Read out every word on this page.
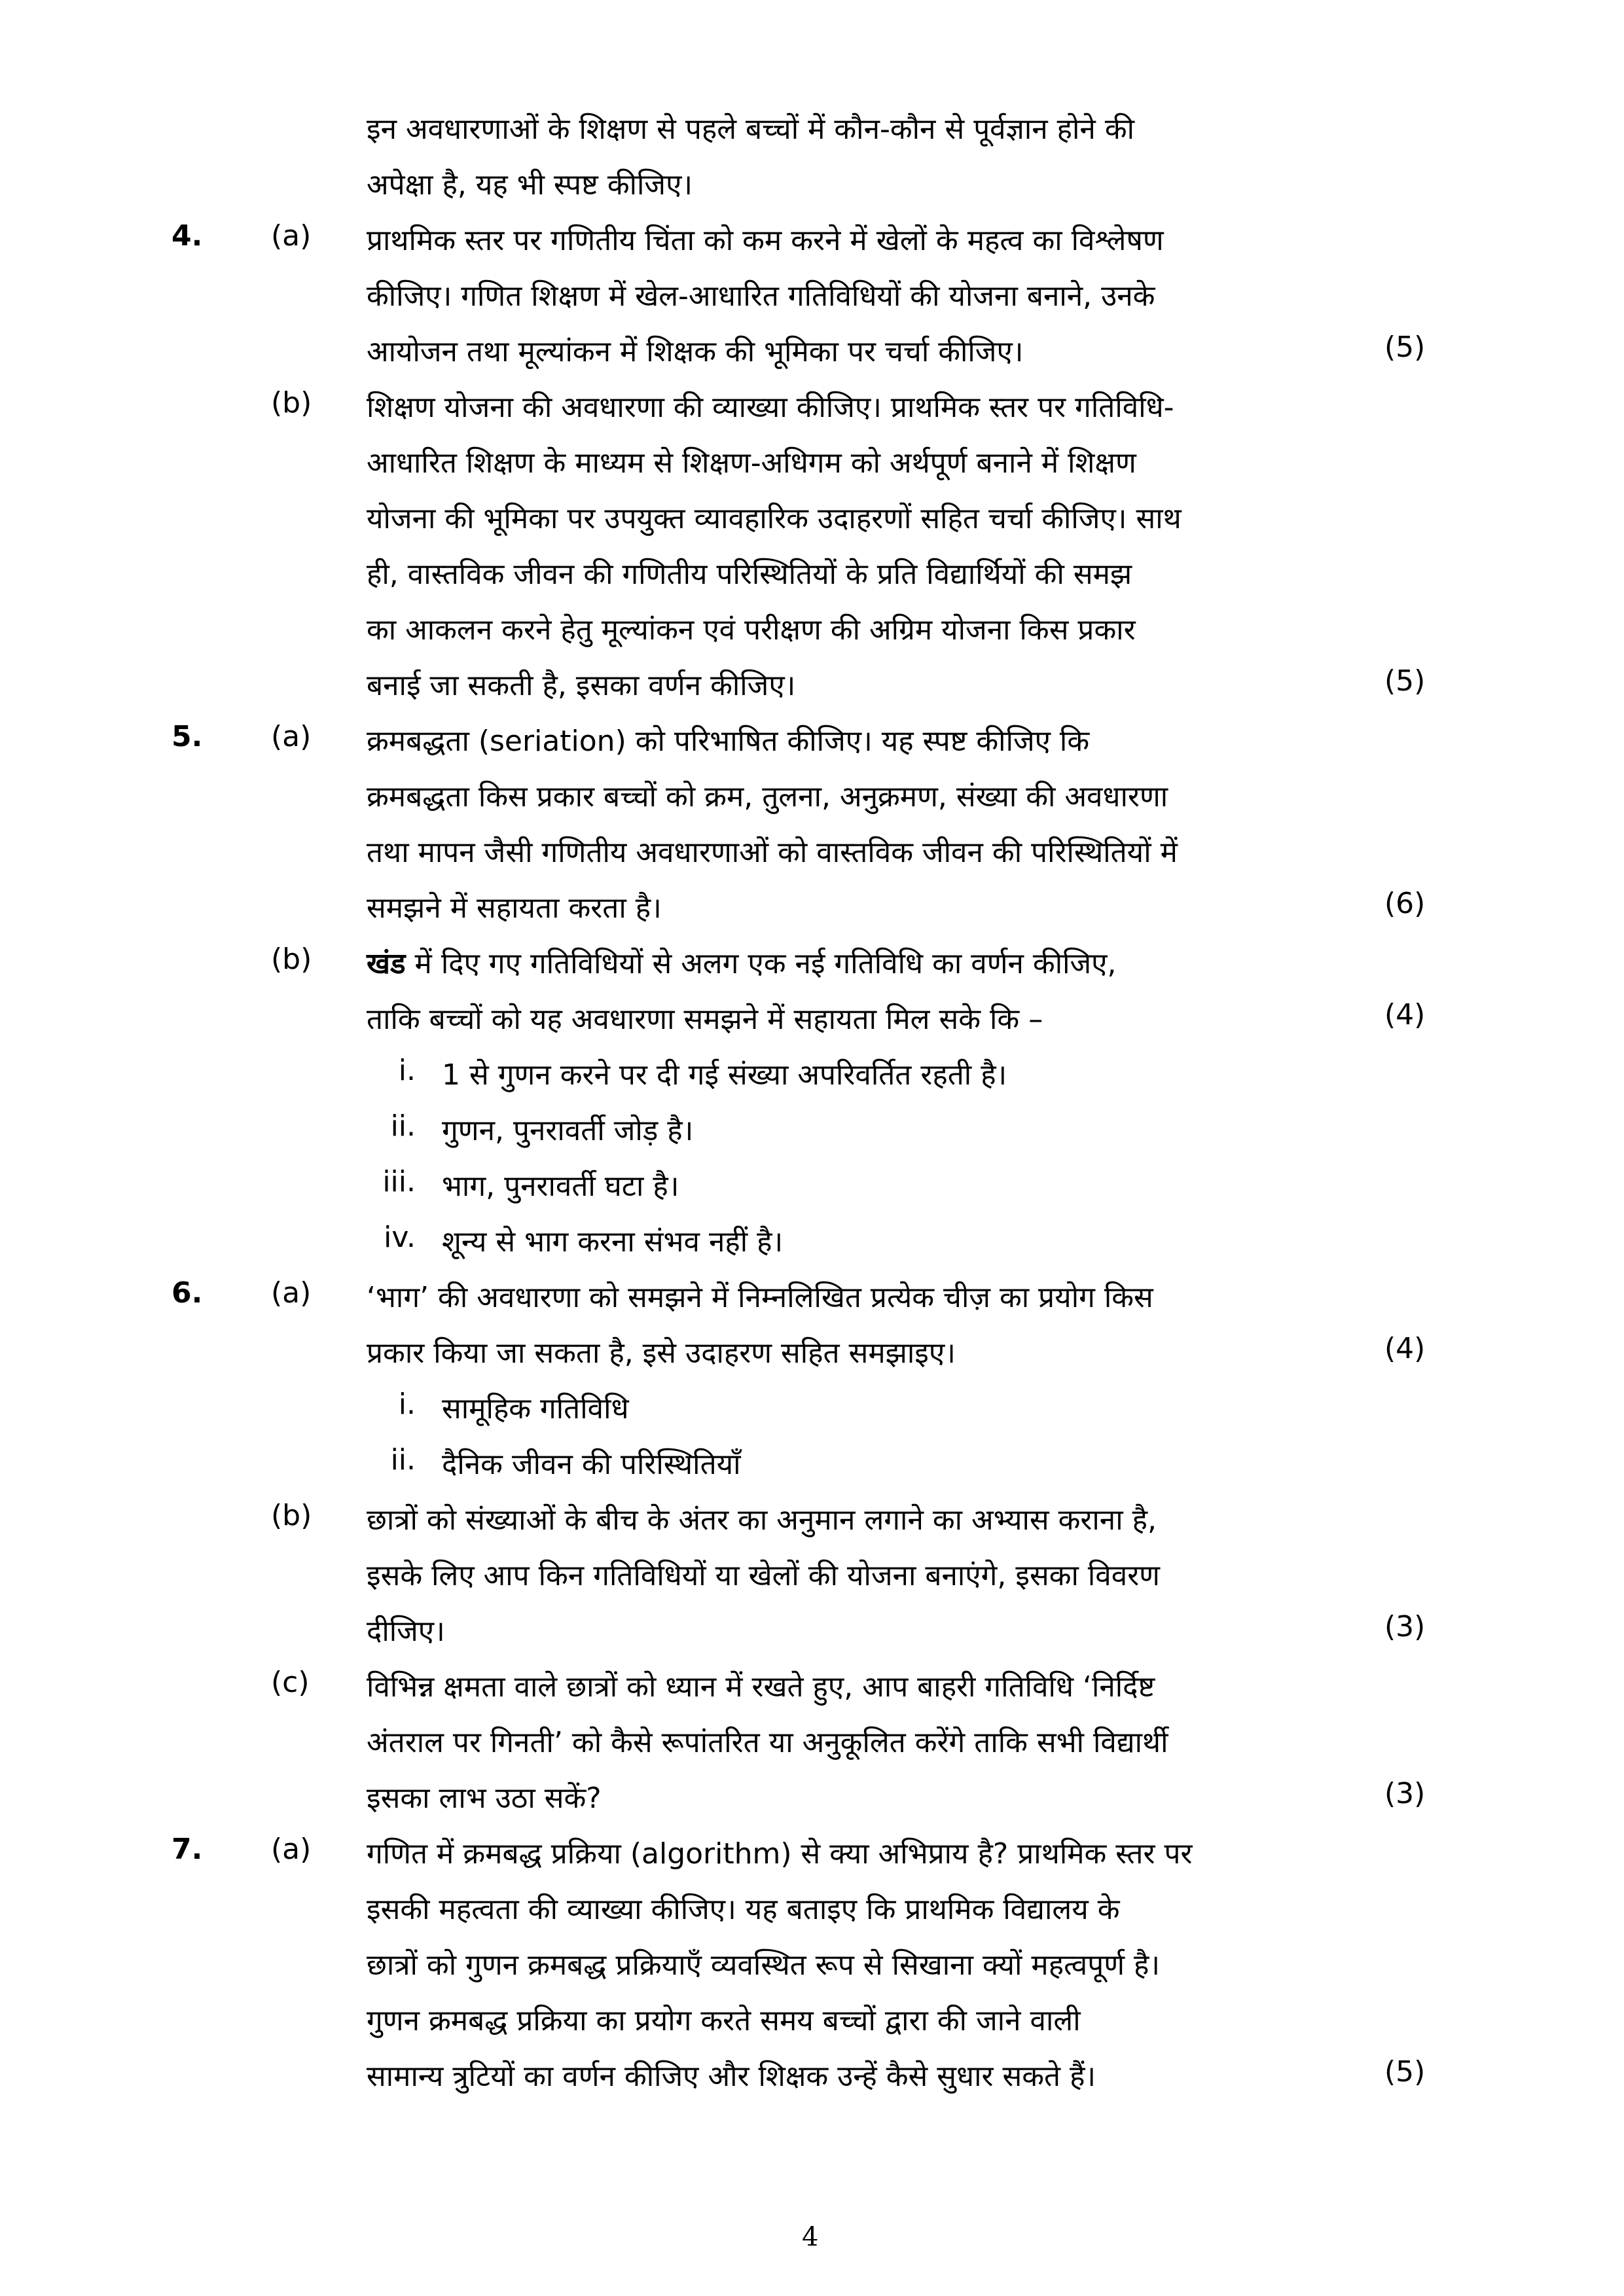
इन अवधारणाओं के शिक्षण से पहले बच्चों में कौन-कौन से पूर्वज्ञान होने की
अपेक्षा है, यह भी स्पष्ट कीजिए।
4. (a) प्राथमिक स्तर पर गणितीय चिंता को कम करने में खेलों के महत्व का विश्लेषण
कीजिए। गणित शिक्षण में खेल-आधारित गतिविधियों की योजना बनाने, उनके
आयोजन तथा मूल्यांकन में शिक्षक की भूमिका पर चर्चा कीजिए।	(5)
(b) शिक्षण योजना की अवधारणा की व्याख्या कीजिए। प्राथमिक स्तर पर गतिविधि-
आधारित शिक्षण के माध्यम से शिक्षण-अधिगम को अर्थपूर्ण बनाने में शिक्षण
योजना की भूमिका पर उपयुक्त व्यावहारिक उदाहरणों सहित चर्चा कीजिए। साथ
ही, वास्तविक जीवन की गणितीय परिस्थितियों के प्रति विद्यार्थियों की समझ
का आकलन करने हेतु मूल्यांकन एवं परीक्षण की अग्रिम योजना किस प्रकार
बनाई जा सकती है, इसका वर्णन कीजिए।	(5)
5. (a) क्रमबद्धता (seriation) को परिभाषित कीजिए। यह स्पष्ट कीजिए कि
क्रमबद्धता किस प्रकार बच्चों को क्रम, तुलना, अनुक्रमण, संख्या की अवधारणा
तथा मापन जैसी गणितीय अवधारणाओं को वास्तविक जीवन की परिस्थितियों में
समझने में सहायता करता है।	(6)
(b) खंड में दिए गए गतिविधियों से अलग एक नई गतिविधि का वर्णन कीजिए,
ताकि बच्चों को यह अवधारणा समझने में सहायता मिल सके कि –	(4)
i. 1 से गुणन करने पर दी गई संख्या अपरिवर्तित रहती है।
ii. गुणन, पुनरावर्ती जोड़ है।
iii. भाग, पुनरावर्ती घटा है।
iv. शून्य से भाग करना संभव नहीं है।
6. (a) ‘भाग’ की अवधारणा को समझने में निम्नलिखित प्रत्येक चीज़ का प्रयोग किस
प्रकार किया जा सकता है, इसे उदाहरण सहित समझाइए।	(4)
i. सामूहिक गतिविधि
ii. दैनिक जीवन की परिस्थितियाँ
(b) छात्रों को संख्याओं के बीच के अंतर का अनुमान लगाने का अभ्यास कराना है,
इसके लिए आप किन गतिविधियों या खेलों की योजना बनाएंगे, इसका विवरण
दीजिए।	(3)
(c) विभिन्न क्षमता वाले छात्रों को ध्यान में रखते हुए, आप बाहरी गतिविधि ‘निर्दिष्ट
अंतराल पर गिनती’ को कैसे रूपांतरित या अनुकूलित करेंगे ताकि सभी विद्यार्थी
इसका लाभ उठा सकें?	(3)
7. (a) गणित में क्रमबद्ध प्रक्रिया (algorithm) से क्या अभिप्राय है? प्राथमिक स्तर पर
इसकी महत्वता की व्याख्या कीजिए। यह बताइए कि प्राथमिक विद्यालय के
छात्रों को गुणन क्रमबद्ध प्रक्रियाएँ व्यवस्थित रूप से सिखाना क्यों महत्वपूर्ण है।
गुणन क्रमबद्ध प्रक्रिया का प्रयोग करते समय बच्चों द्वारा की जाने वाली
सामान्य त्रुटियों का वर्णन कीजिए और शिक्षक उन्हें कैसे सुधार सकते हैं।	(5)
4
